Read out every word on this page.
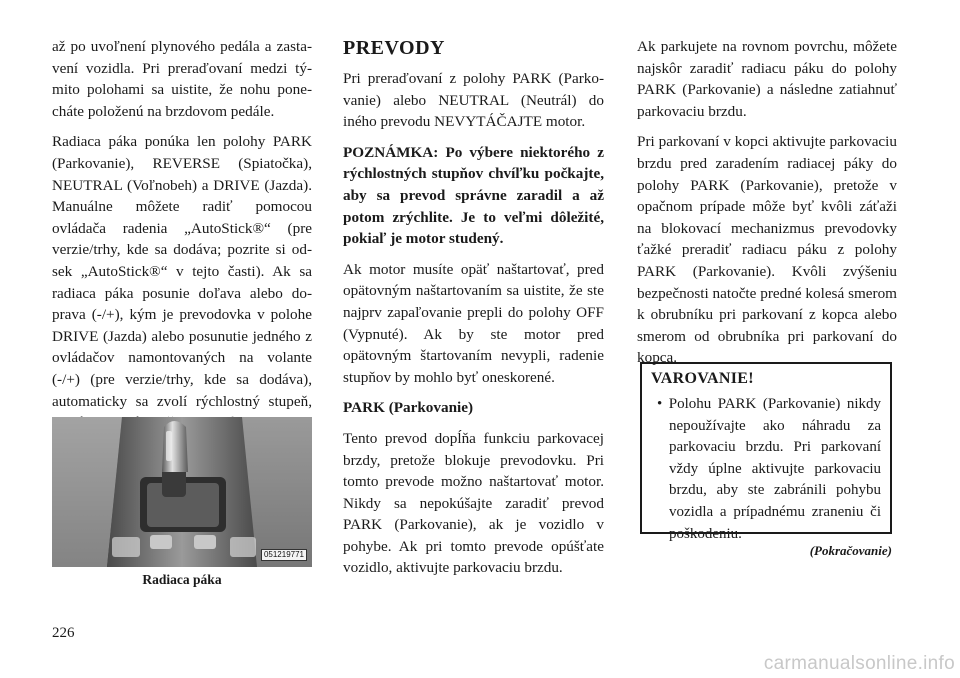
až po uvoľnení plynového pedála a zastavení vozidla. Pri preraďovaní medzi týmito polohami sa uistite, že nohu ponecháte položenú na brzdovom pedále.

Radiaca páka ponúka len polohy PARK (Parkovanie), REVERSE (Spiatočka), NEUTRAL (Voľnobeh) a DRIVE (Jazda). Manuálne môžete radiť pomocou ovládača radenia „AutoStick®“ (pre verzie/trhy, kde sa dodáva; pozrite si odsek „AutoStick®“ v tejto časti). Ak sa radiaca páka posunie doľava alebo doprava (-/+), kým je prevodovka v polohe DRIVE (Jazda) alebo posunutie jedného z ovládačov namontovaných na volante (-/+) (pre verzie/trhy, kde sa dodáva), automaticky sa zvolí rýchlostný stupeň,

051219771
Radiaca páka
PREVODY

Pri preraďovaní z polohy PARK (Parkovanie) alebo NEUTRAL (Neutrál) do iného prevodu NEVYTÁČAJTE motor.

POZNÁMKA: Po výbere niektorého z rýchlostných stupňov chvíľku počkajte, aby sa prevod správne zaradil a až potom zrýchlite. Je to veľmi dôležité, pokiaľ je motor studený.

Ak motor musíte opäť naštartovať, pred opätovným naštartovaním sa uistite, že ste najprv zapaľovanie prepli do polohy OFF (Vypnuté). Ak by ste motor pred opätovným štartovaním nevypli, radenie stupňov by mohlo byť oneskorené.

PARK (Parkovanie)

Tento prevod dopĺňa funkciu parkovacej brzdy, pretože blokuje prevodovku. Pri tomto prevode možno naštartovať motor. Nikdy sa nepokúšajte zaradiť prevod PARK (Parkovanie), ak je vozidlo v pohybe. Ak pri tomto prevode opúšťate vozidlo, aktivujte parkovaciu brzdu.

Ak parkujete na rovnom povrchu, môžete najskôr zaradiť radiacu páku do polohy PARK (Parkovanie) a následne zatiahnuť parkovaciu brzdu.

Pri parkovaní v kopci aktivujte parkovaciu brzdu pred zaradením radiacej páky do polohy PARK (Parkovanie), pretože v opačnom prípade môže byť kvôli záťaži na blokovací mechanizmus prevodovky ťažké preradiť radiacu páku z polohy PARK (Parkovanie). Kvôli zvýšeniu bezpečnosti natočte predné kolesá smerom k obrubníku pri parkovaní z kopca alebo smerom od obrubníka pri parkovaní do kopca.

VAROVANIE!

• Polohu PARK (Parkovanie) nikdy nepoužívajte ako náhradu za parkovaciu brzdu. Pri parkovaní vždy úplne aktivujte parkovaciu brzdu, aby ste zabránili pohybu vozidla a prípadnému zraneniu či poškodeniu.

(Pokračovanie)
226
carmanualsonline.info
